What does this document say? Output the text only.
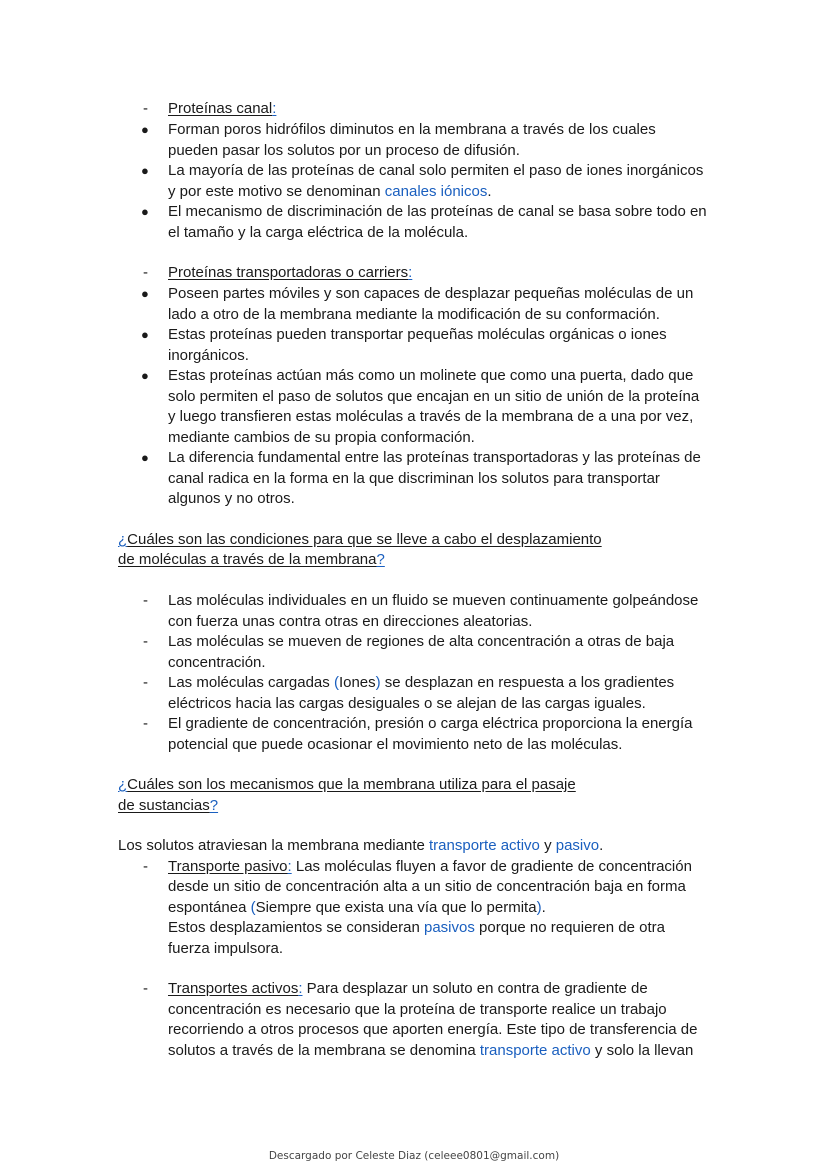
- Proteínas canal:
● Forman poros hidrófilos diminutos en la membrana a través de los cuales
pueden pasar los solutos por un proceso de difusión.
● La mayoría de las proteínas de canal solo permiten el paso de iones inorgánicos
y por este motivo se denominan canales iónicos.
● El mecanismo de discriminación de las proteínas de canal se basa sobre todo en
el tamaño y la carga eléctrica de la molécula.
- Proteínas transportadoras o carriers:
● Poseen partes móviles y son capaces de desplazar pequeñas moléculas de un
lado a otro de la membrana mediante la modificación de su conformación.
● Estas proteínas pueden transportar pequeñas moléculas orgánicas o iones
inorgánicos.
● Estas proteínas actúan más como un molinete que como una puerta, dado que
solo permiten el paso de solutos que encajan en un sitio de unión de la proteína
y luego transfieren estas moléculas a través de la membrana de a una por vez,
mediante cambios de su propia conformación.
● La diferencia fundamental entre las proteínas transportadoras y las proteínas de
canal radica en la forma en la que discriminan los solutos para transportar
algunos y no otros.
¿Cuáles son las condiciones para que se lleve a cabo el desplazamiento
de moléculas a través de la membrana?
- Las moléculas individuales en un fluido se mueven continuamente golpeándose
con fuerza unas contra otras en direcciones aleatorias.
- Las moléculas se mueven de regiones de alta concentración a otras de baja
concentración.
- Las moléculas cargadas (Iones) se desplazan en respuesta a los gradientes
eléctricos hacia las cargas desiguales o se alejan de las cargas iguales.
- El gradiente de concentración, presión o carga eléctrica proporciona la energía
potencial que puede ocasionar el movimiento neto de las moléculas.
¿Cuáles son los mecanismos que la membrana utiliza para el pasaje
de sustancias?
Los solutos atraviesan la membrana mediante transporte activo y pasivo.
- Transporte pasivo: Las moléculas fluyen a favor de gradiente de concentración
desde un sitio de concentración alta a un sitio de concentración baja en forma
espontánea (Siempre que exista una vía que lo permita).
Estos desplazamientos se consideran pasivos porque no requieren de otra
fuerza impulsora.
- Transportes activos: Para desplazar un soluto en contra de gradiente de
concentración es necesario que la proteína de transporte realice un trabajo
recorriendo a otros procesos que aporten energía. Este tipo de transferencia de
solutos a través de la membrana se denomina transporte activo y solo la llevan
Descargado por Celeste Diaz (celeee0801@gmail.com)
